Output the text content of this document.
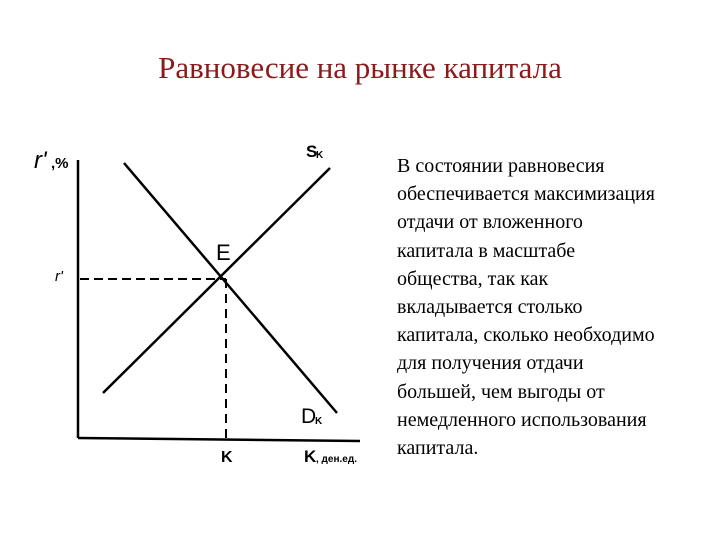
Равновесие на рынке капитала
r' ,%
S
K
E
r'
D
K
K	K , ден.ед.
В состоянии равновесия
обеспечивается максимизация
отдачи от вложенного
капитала в масштабе
общества, так как
вкладывается столько
капитала, сколько необходимо
для получения отдачи
большей, чем выгоды от
немедленного использования
капитала.
